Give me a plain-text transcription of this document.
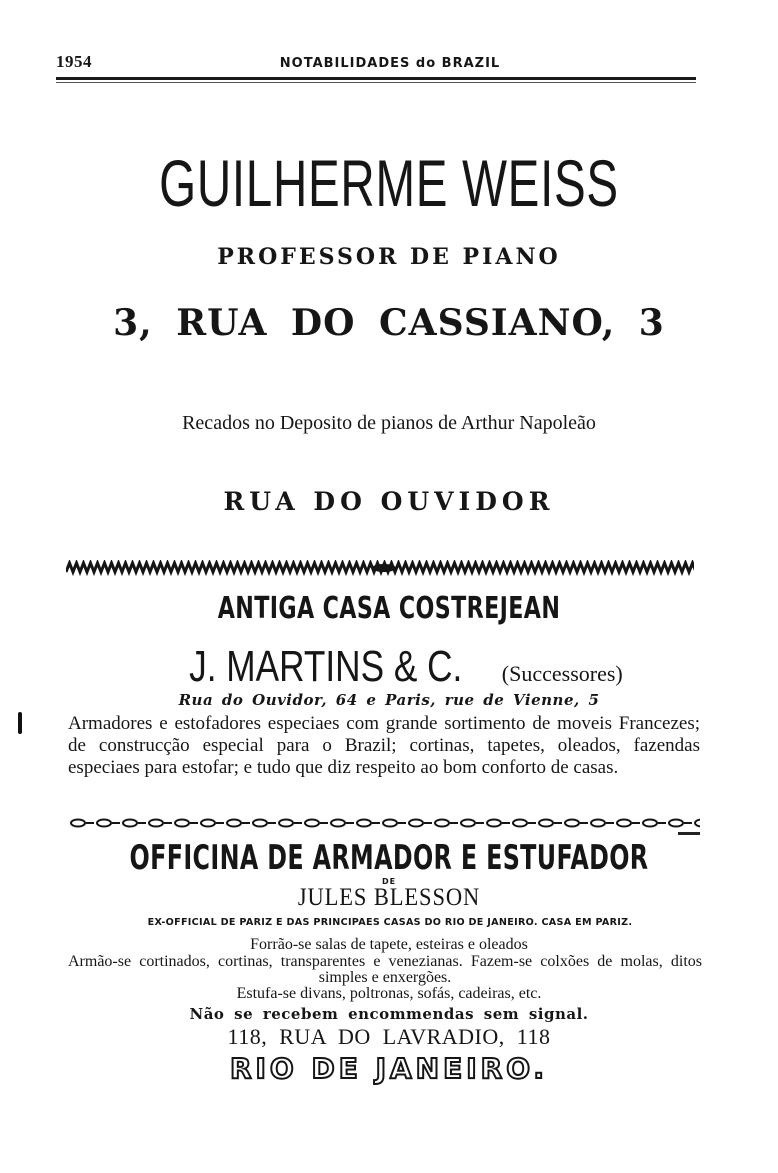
1954	NOTABILIDADES do BRAZIL
GUILHERME WEISS
PROFESSOR DE PIANO
3, RUA DO CASSIANO, 3
Recados no Deposito de pianos de Arthur Napoleão
RUA DO OUVIDOR
ANTIGA CASA COSTREJEAN
J. MARTINS & C. (Successores)
Rua do Ouvidor, 64 e Paris, rue de Vienne, 5
Armadores e estofadores especiaes com grande sortimento de moveis Francezes; de construcção especial para o Brazil; cortinas, tapetes, oleados, fazendas especiaes para estofar; e tudo que diz respeito ao bom conforto de casas.
OFFICINA DE ARMADOR E ESTUFADOR
DE
JULES BLESSON
EX-OFFICIAL DE PARIZ E DAS PRINCIPAES CASAS DO RIO DE JANEIRO. CASA EM PARIZ.
Forrão-se salas de tapete, esteiras e oleados
Armão-se cortinados, cortinas, transparentes e venezianas. Fazem-se colxões de molas, ditos simples e enxergões.
Estufa-se divans, poltronas, sofás, cadeiras, etc.
Não se recebem encommendas sem signal.
118, RUA DO LAVRADIO, 118
RIO DE JANEIRO.
